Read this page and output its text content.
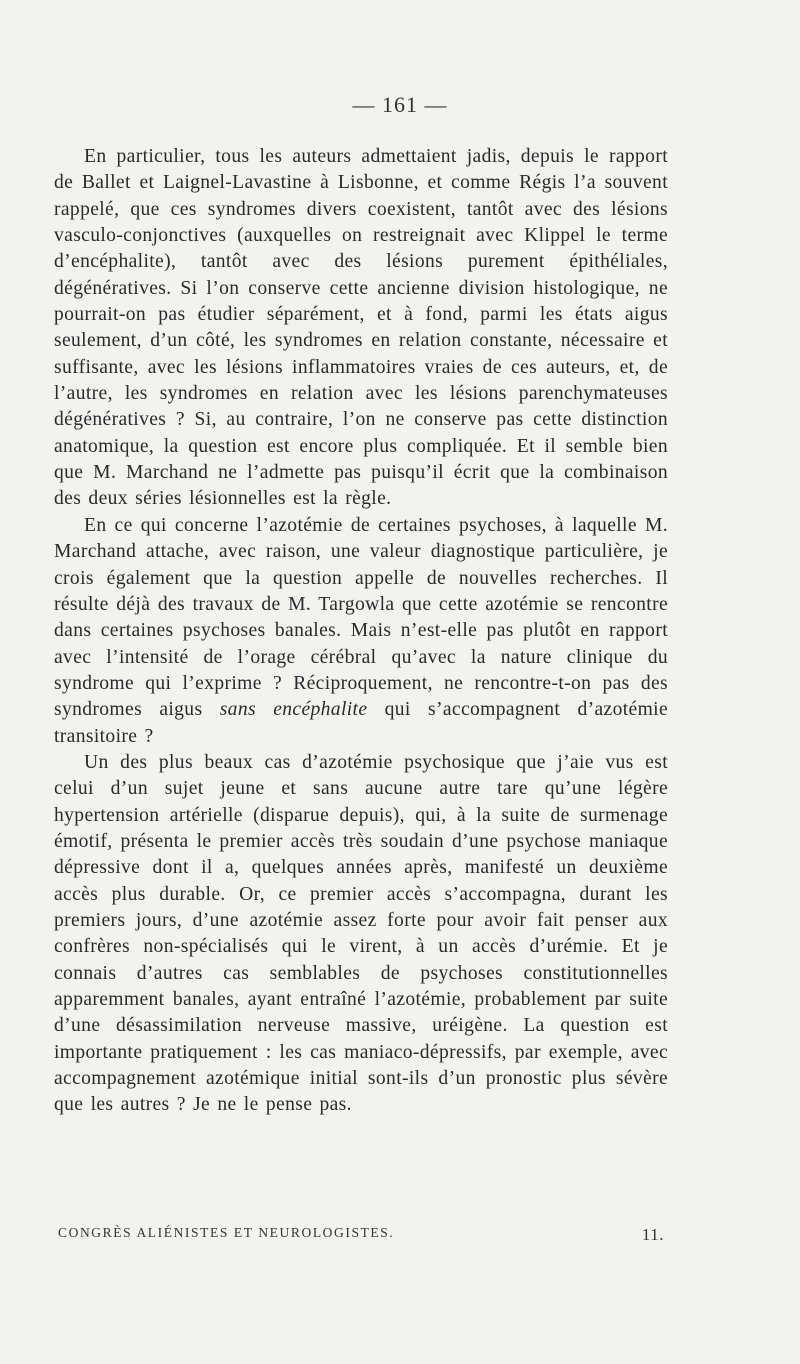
— 161 —

En particulier, tous les auteurs admettaient jadis, depuis le rapport de Ballet et Laignel-Lavastine à Lisbonne, et comme Régis l’a souvent rappelé, que ces syndromes divers coexistent, tantôt avec des lésions vasculo-conjonctives (auxquelles on restreignait avec Klippel le terme d’encéphalite), tantôt avec des lésions purement épithéliales, dégénératives. Si l’on conserve cette ancienne division histologique, ne pourrait-on pas étudier séparément, et à fond, parmi les états aigus seulement, d’un côté, les syndromes en relation constante, nécessaire et suffisante, avec les lésions inflammatoires vraies de ces auteurs, et, de l’autre, les syndromes en relation avec les lésions parenchymateuses dégénératives ? Si, au contraire, l’on ne conserve pas cette distinction anatomique, la question est encore plus compliquée. Et il semble bien que M. Marchand ne l’admette pas puisqu’il écrit que la combinaison des deux séries lésionnelles est la règle.

En ce qui concerne l’azotémie de certaines psychoses, à laquelle M. Marchand attache, avec raison, une valeur diagnostique particulière, je crois également que la question appelle de nouvelles recherches. Il résulte déjà des travaux de M. Targowla que cette azotémie se rencontre dans certaines psychoses banales. Mais n’est-elle pas plutôt en rapport avec l’intensité de l’orage cérébral qu’avec la nature clinique du syndrome qui l’exprime ? Réciproquement, ne rencontre-t-on pas des syndromes aigus sans encéphalite qui s’accompagnent d’azotémie transitoire ?

Un des plus beaux cas d’azotémie psychosique que j’aie vus est celui d’un sujet jeune et sans aucune autre tare qu’une légère hypertension artérielle (disparue depuis), qui, à la suite de surmenage émotif, présenta le premier accès très soudain d’une psychose maniaque dépressive dont il a, quelques années après, manifesté un deuxième accès plus durable. Or, ce premier accès s’accompagna, durant les premiers jours, d’une azotémie assez forte pour avoir fait penser aux confrères non-spécialisés qui le virent, à un accès d’urémie. Et je connais d’autres cas semblables de psychoses constitutionnelles apparemment banales, ayant entraîné l’azotémie, probablement par suite d’une désassimilation nerveuse massive, uréigène. La question est importante pratiquement : les cas maniaco-dépressifs, par exemple, avec accompagnement azotémique initial sont-ils d’un pronostic plus sévère que les autres ? Je ne le pense pas.

CONGRÈS ALIÉNISTES ET NEUROLOGISTES.	11.
